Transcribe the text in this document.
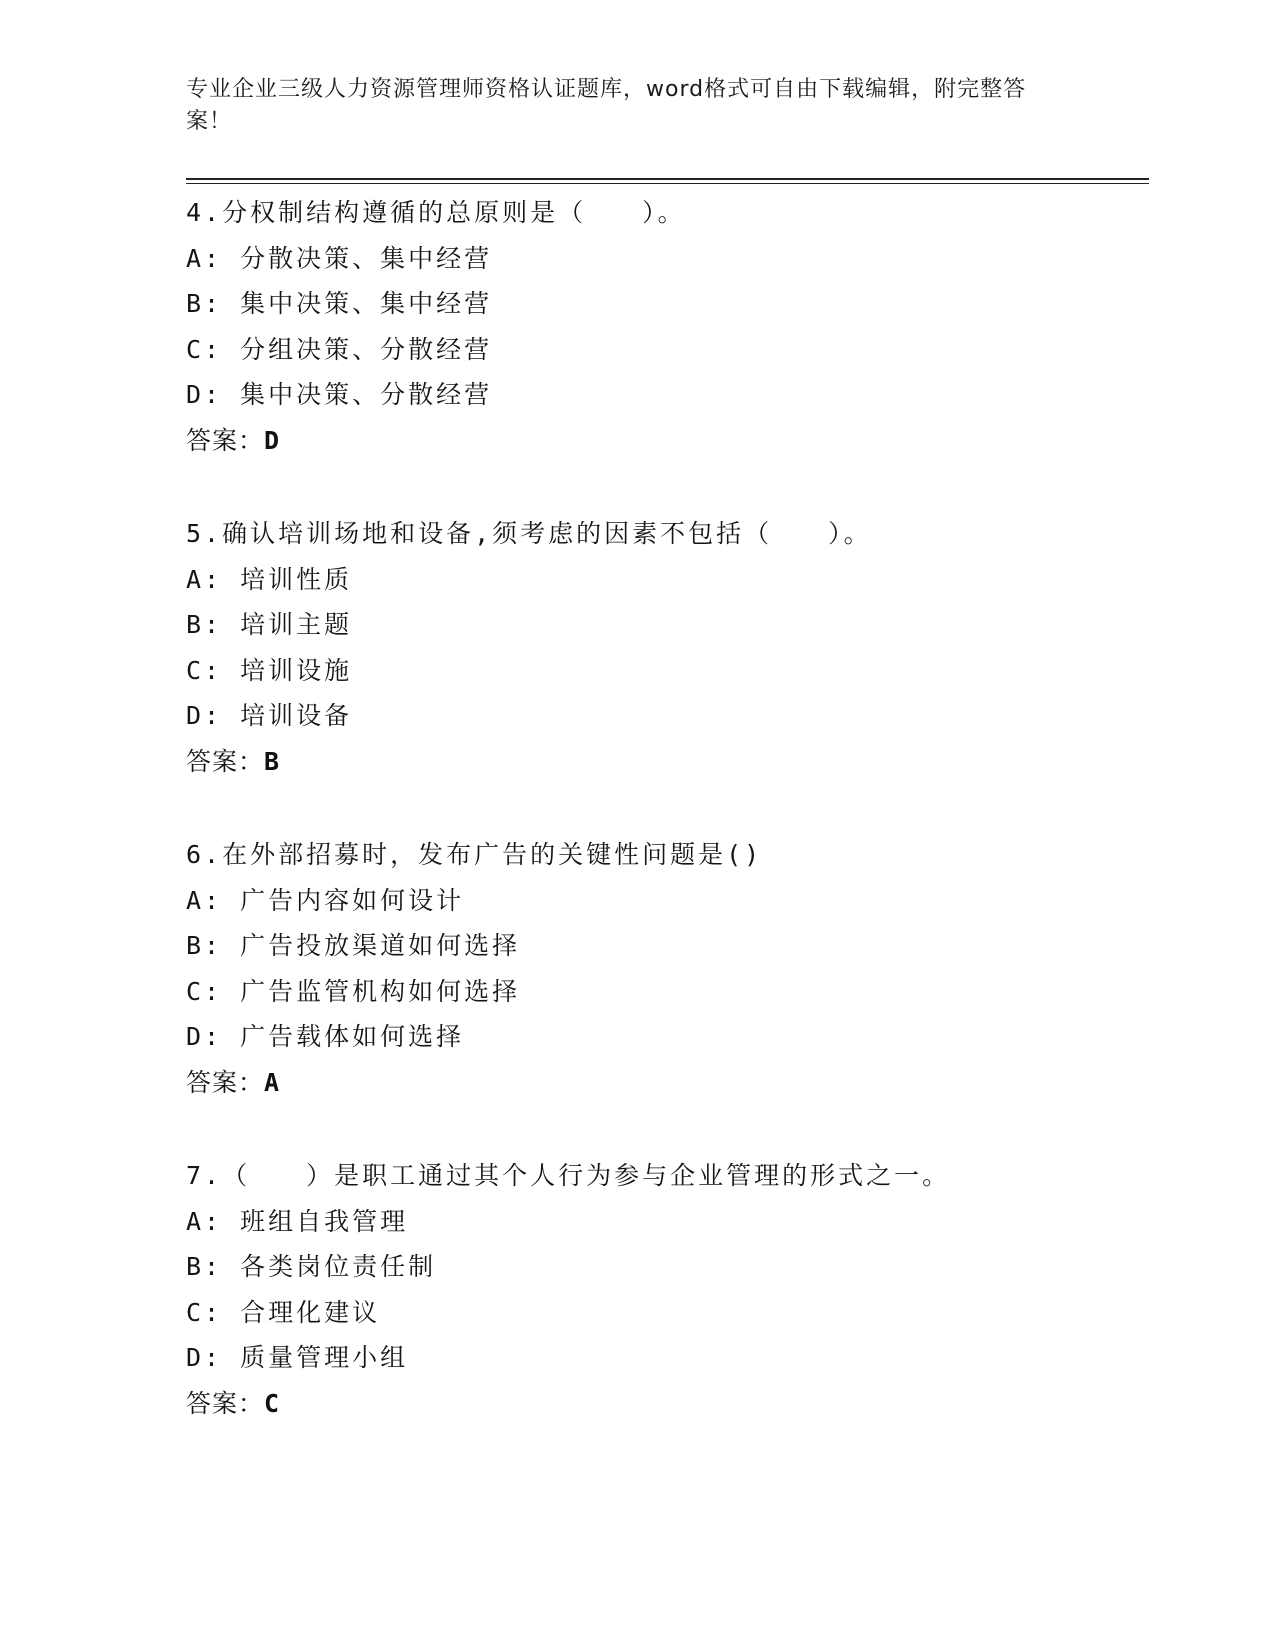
专业企业三级人力资源管理师资格认证题库，word格式可自由下载编辑，附完整答案！
4.分权制结构遵循的总原则是（　　）。
A: 分散决策、集中经营
B: 集中决策、集中经营
C: 分组决策、分散经营
D: 集中决策、分散经营
答案：D
5.确认培训场地和设备,须考虑的因素不包括（　　）。
A: 培训性质
B: 培训主题
C: 培训设施
D: 培训设备
答案：B
6.在外部招募时，发布广告的关键性问题是()
A: 广告内容如何设计
B: 广告投放渠道如何选择
C: 广告监管机构如何选择
D: 广告载体如何选择
答案：A
7.（　　）是职工通过其个人行为参与企业管理的形式之一。
A: 班组自我管理
B: 各类岗位责任制
C: 合理化建议
D: 质量管理小组
答案：C
